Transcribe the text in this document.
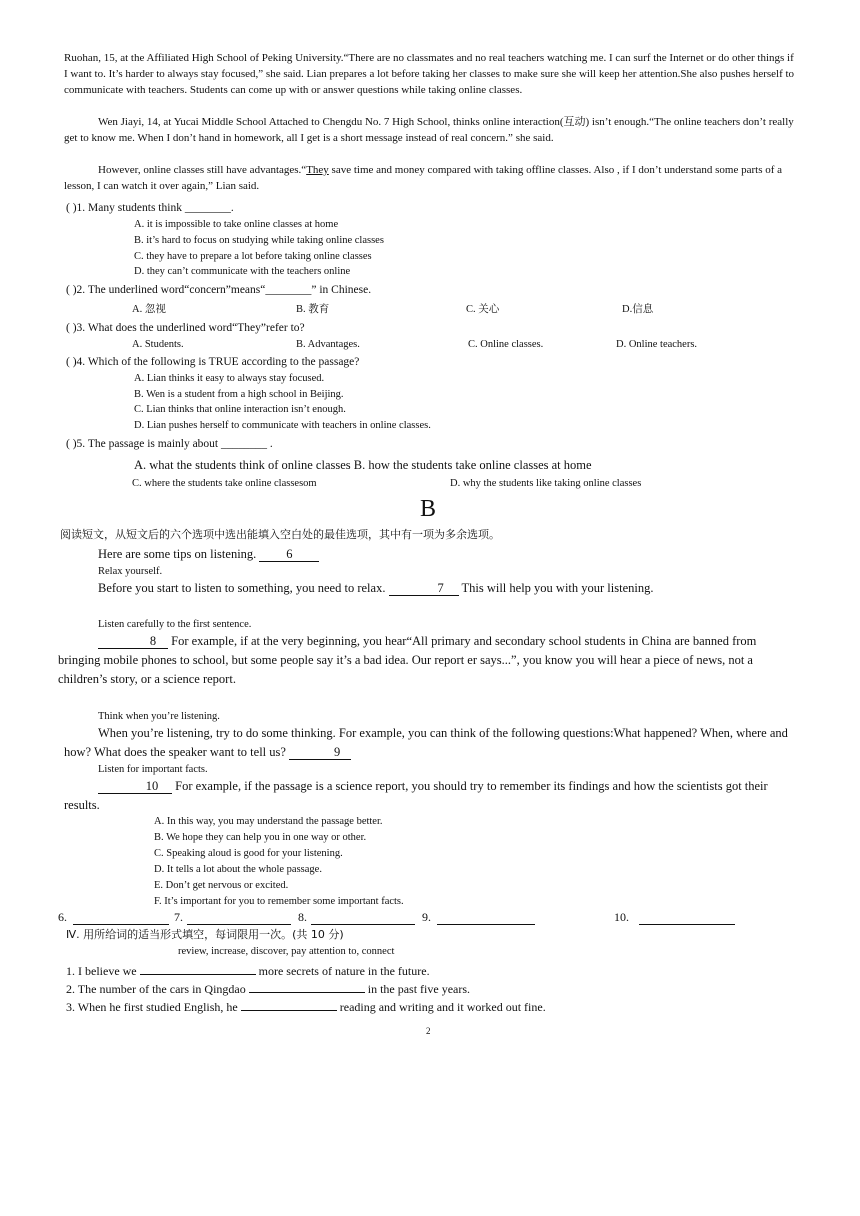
Ruohan, 15, at the Affiliated High School of Peking University.“There are no classmates and no real teachers watching me. I can surf the Internet or do other things if I want to. It’s harder to always stay focused,” she said. Lian prepares a lot before taking her classes to make sure she will keep her attention.She also pushes herself to communicate with teachers. Students can come up with or answer questions while taking online classes.

Wen Jiayi, 14, at Yucai Middle School Attached to Chengdu No. 7 High School, thinks online interaction(互动) isn’t enough.“The online teachers don’t really get to know me. When I don’t hand in homework, all I get is a short message instead of real concern.” she said.

However, online classes still have advantages.“They save time and money compared with taking offline classes. Also , if I don’t understand some parts of a lesson, I can watch it over again,” Lian said.

( )1. Many students think ________.
A. it is impossible to take online classes at home
B. it’s hard to focus on studying while taking online classes
C. they have to prepare a lot before taking online classes
D. they can’t communicate with the teachers online
( )2. The underlined word“concern”means“________” in Chinese.
A. 忽视	B. 教育	C. 关心	D.信息
( )3. What does the underlined word“They”refer to?
A. Students.	B. Advantages.	C. Online classes.	D. Online teachers.
( )4. Which of the following is TRUE according to the passage?
A. Lian thinks it easy to always stay focused.
B. Wen is a student from a high school in Beijing.
C. Lian thinks that online interaction isn’t enough.
D. Lian pushes herself to communicate with teachers in online classes.
( )5. The passage is mainly about ________ .
A. what the students think of online classes B. how the students take online classes at home
C. where the students take online classesom	D. why the students like taking online classes
B
阅读短文，从短文后的六个选项中选出能填入空白处的最佳选项，其中有一项为多余选项。
Here are some tips on listening. 6
Relax yourself.
Before you start to listen to something, you need to relax.	7 This will help you with your listening.
Listen carefully to the first sentence.
8 For example, if at the very beginning, you hear“All primary and secondary school students in China are banned from bringing mobile phones to school, but some people say it’s a bad idea. Our report er says...”, you know you will hear a piece of news, not a children’s story, or a science report.
Think when you’re listening.
When you’re listening, try to do some thinking. For example, you can think of the following questions:What happened? When, where and how? What does the speaker want to tell us?	9
Listen for important facts.
10 For example, if the passage is a science report, you should try to remember its findings and how the scientists got their results.
A. In this way, you may understand the passage better.
B. We hope they can help you in one way or other.
C. Speaking aloud is good for your listening.
D. It tells a lot about the whole passage.
E. Don’t get nervous or excited.
F. It’s important for you to remember some important facts.
6.	7.	8.	9.	10.
Ⅳ. 用所给词的适当形式填空，每词限用一次。(共 10 分)
review, increase, discover, pay attention to, connect
1. I believe we	more secrets of nature in the future.
2. The number of the cars in Qingdao	in the past five years.
3. When he first studied English, he	reading and writing and it worked out fine.
2
